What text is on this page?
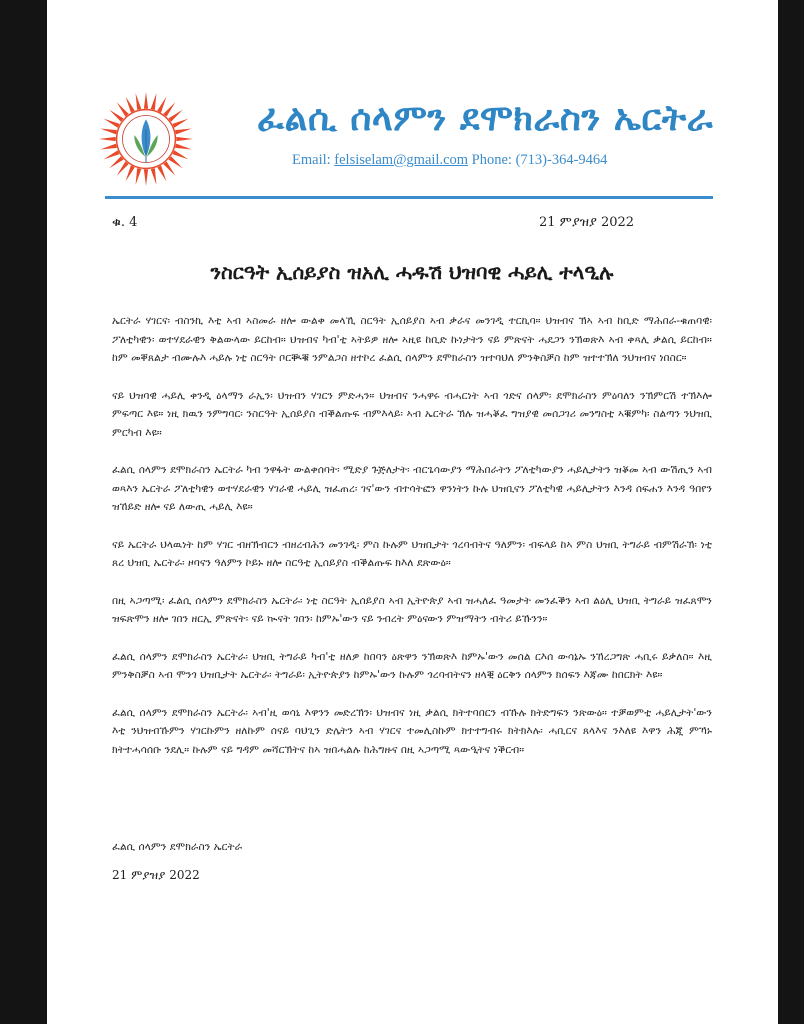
ፈልሲ ሰላምን ደሞክራስን ኤርትራ
Email: felsiselam@gmail.com Phone: (713)-364-9464
ቁ. 4	21 ምያዝያ 2022
ንስርዓት ኢሰይያስ ዝአሊ ሓዱሽ ህዝባዊ ሓይሊ ተላዒሉ

ኤርትራ ሃገርና፡ ብስንኪ እቲ ኣብ ኣስመራ ዘሎ ውልቀ መላኺ ስርዓት ኢሰይያስ ኣብ ቃራና መንገዲ ተርኪባ። ህዝብና ኽኣ ኣብ ከቢድ ማሕበራ-ቁጠባዊ፡ ፖለቲካዊን፡ ወተሃደራዊን ቅልውላው ይርከብ። ህዝብና ካብ'ቲ ኣትይዎ ዘሎ ኣዚዩ ከቢድ ኩነታትን ናይ ምጽናት ሓደጋን ንኽወጽእ ኣብ ቀጻሊ ቃልሲ ይርከብ። ከም መቐጸልታ ብሙሉእ ሓይሉ ነቲ ስርዓት ቦርቚቑ ንምልጋስ ዘተኮረ ፈልሲ ሰላምን ደሞክራስን ዝተባህለ ምንቅስቓስ ከም ዝተተኽለ ንህዝብና ነበስር።

ናይ ህዝባዊ ሓይሊ ቀንዲ ዕላማን ራኢን፡ ህዝብን ሃገርን ምድሓን። ህዝብና ንሓዋሩ ብሓርነት ኣብ ጎድና ሰላም፡ ደሞክራስን ምዕባለን ንኽምርሽ ተኽእሎ ምፍጣር እዩ። ነዚ ክዉን ንምግባር፡ ንስርዓት ኢሰይያስ ብቕልጡፍ ብምእላይ፡ ኣብ ኤርትራ ኽሉ ዝሓቖፈ ግዝያዊ መሰጋገሪ መንግስቲ ኣቑምካ፡ ስልጣን ንህዝቢ ምርካብ እዩ።

ፈልሲ ሰላምን ደሞክራስን ኤርትራ ካብ ንዋፋት ውልቀሰባት፡ ሚድያ ጉጅለታት፡ ብርጌሳውያን ማሕበራትን ፖለቲካውያን ሓይሊታትን ዝቖመ ኣብ ውሽጢን ኣብ ወጻእን ኤርትራ ፖለቲካዊን ወተሃደራዊን ሃገራዊ ሓይሊ ዝፈጠረ፡ ገና'ውን ብተሳትፎን ዋንነትን ኩሉ ህዝቢናን ፖለቲካዊ ሓይሊታትን እንዳ ሰፍሐን እንዳ ዓበየን ዝኸይድ ዘሎ ናይ ለውጢ ሓይሊ እዩ።

ናይ ኤርትራ ህላዉነት ከም ሃገር ብዘኽብርን ብዘረብሕን መንገዲ፡ ምስ ኩሉም ህዝቢታት ጎረባብትና ዓለምን፡ ብፍላይ ከኣ ምስ ህዝቢ ትግራይ ብምሽራኽ፡ ነቲ ጸረ ህዝቢ ኤርትራ፡ ዞባናን ዓለምን ኮይኑ ዘሎ ስርዓቲ ኢሰይያስ ብቕልጡፍ ክእለ ደጽውዕ።

በዚ ኣጋጣሚ፡ ፈልሲ ሰላምን ደሞክራስን ኤርትራ፡ ነቲ ስርዓት ኢሰይያስ ኣብ ኢትዮጵያ ኣብ ዝሓለፈ ዓመታት መንፈቕን ኣብ ልዕሊ ህዝቢ ትግራይ ዝፈጸሞን ዝፍጽሞን ዘሎ ገበን ዘርኢ ምጽናት፡ ናይ ኲናት ገበን፡ ከምኡ'ውን ናይ ንብረት ምዕናውን ምዝማትን ብትሪ ይኹንን።

ፈልሲ ሰላምን ደሞክራስን ኤርትራ፡ ህዝቢ ትግራይ ካብ'ቲ ዘለዎ ከበባን ዕጽዋን ንኽወጽእ ከምኡ'ውን መሰል ርእሰ ውሳኔኡ ንኸረጋግጽ ሓቢሩ ይቃለስ። እዚ ምንቅስቓስ ኣብ ሞንጎ ህዝቢታት ኤርትራ፡ ትግራይ፡ ኢትዮጵያን ከምኡ'ውን ኩሉም ጎረባብትናን ዘላቒ ዕርቅን ሰላምን ክሰፍን እጃሙ ከበርክት እዩ።

ፈልሲ ሰላምን ደሞክራስን ኤርትራ፡ ኣብ'ዚ ወሳኒ እዋንን መድረኽን፡ ህዝብና ነዚ ቃልሲ ክትተባበርን ብኹሉ ክትድግፍን ንጽውዕ። ተቓወምቲ ሓይሊታት'ውን እቲ ንህዝብኹምን ሃገርኩምን ዘለኩም ሰናይ ባህጊን ድሌትን ኣብ ሃገርና ተመሊስኩም ክተተግብሩ ክትክእሉ፡ ሓቢርና ጸላእና ንእለዩ እዋን ሕጂ ምኻኑ ክትተሓሳሰቡ ንደሊ። ኩሉም ናይ ግዳም መሻርኽትና ከኣ ዝበሓልሉ ከሕግዙና በዚ ኣጋጣሚ ጻውዒትና ነቕርብ።

ፈልሲ ሰላምን ደሞክራስን ኤርትራ
21 ምያዝያ 2022
